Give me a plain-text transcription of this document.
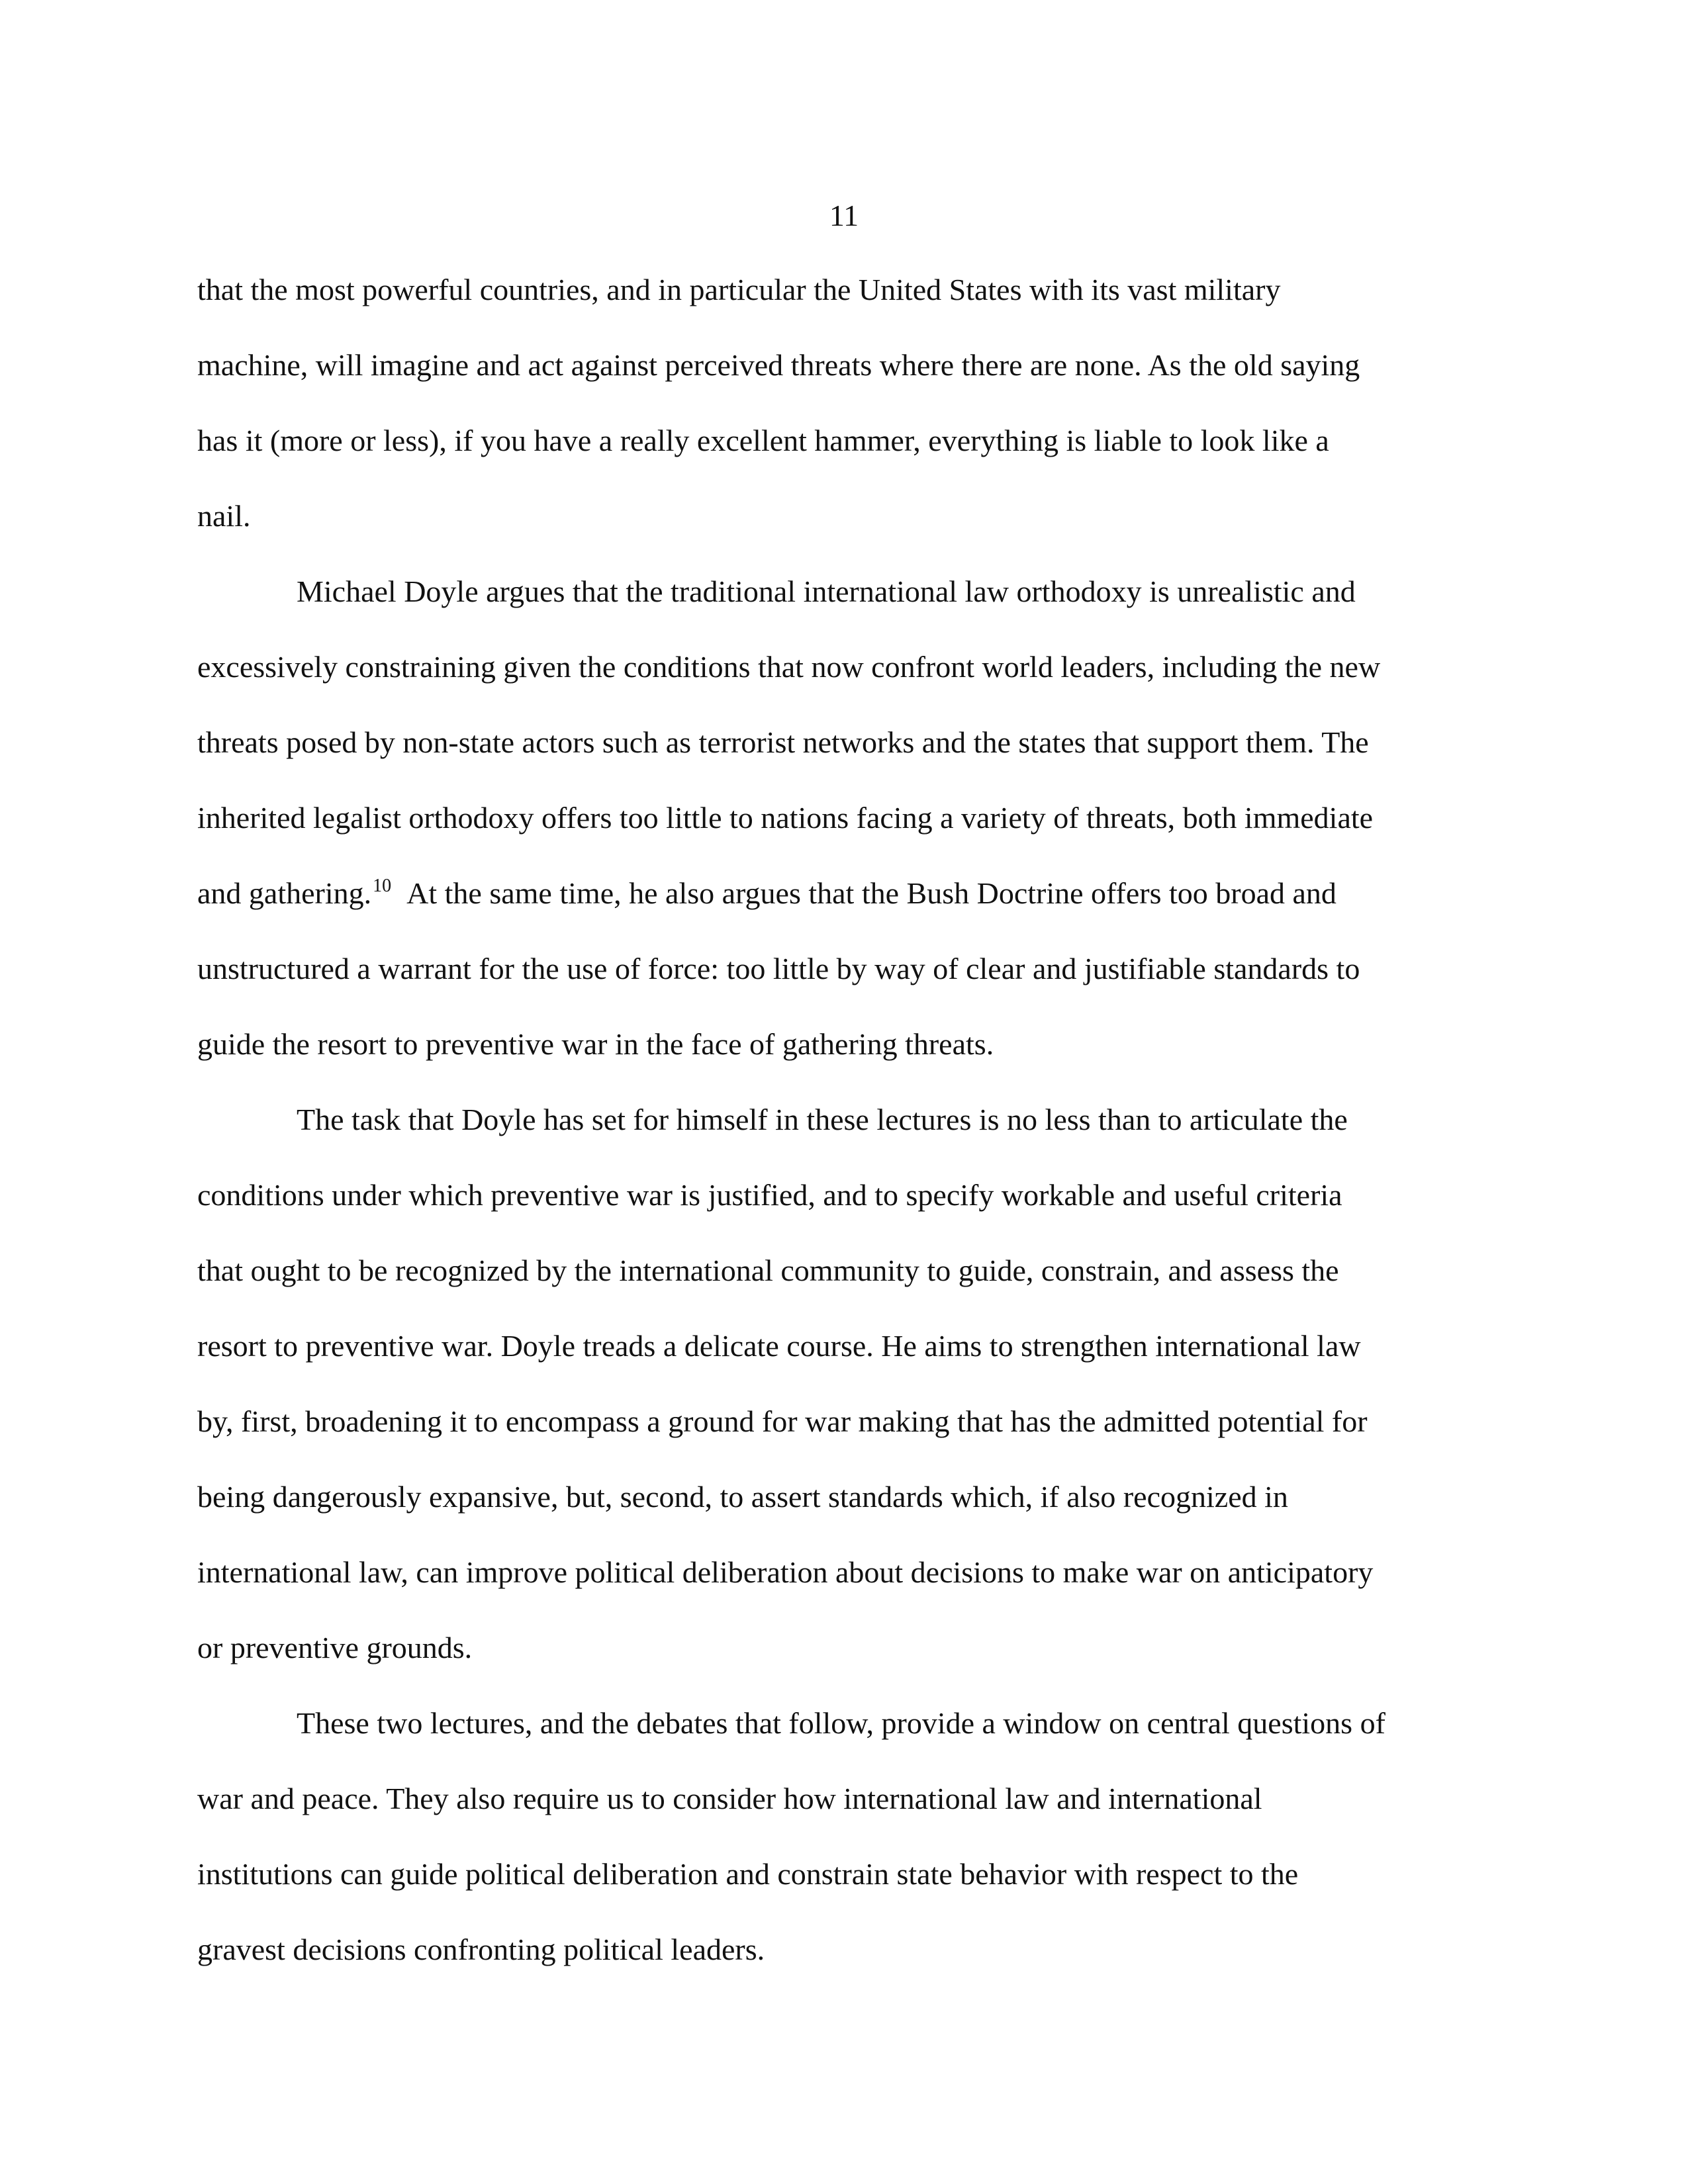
11
that the most powerful countries, and in particular the United States with its vast military
machine, will imagine and act against perceived threats where there are none. As the old saying
has it (more or less), if you have a really excellent hammer, everything is liable to look like a
nail.
Michael Doyle argues that the traditional international law orthodoxy is unrealistic and
excessively constraining given the conditions that now confront world leaders, including the new
threats posed by non-state actors such as terrorist networks and the states that support them. The
inherited legalist orthodoxy offers too little to nations facing a variety of threats, both immediate
and gathering.$^{10}$ At the same time, he also argues that the Bush Doctrine offers too broad and
unstructured a warrant for the use of force: too little by way of clear and justifiable standards to
guide the resort to preventive war in the face of gathering threats.
The task that Doyle has set for himself in these lectures is no less than to articulate the
conditions under which preventive war is justified, and to specify workable and useful criteria
that ought to be recognized by the international community to guide, constrain, and assess the
resort to preventive war. Doyle treads a delicate course. He aims to strengthen international law
by, first, broadening it to encompass a ground for war making that has the admitted potential for
being dangerously expansive, but, second, to assert standards which, if also recognized in
international law, can improve political deliberation about decisions to make war on anticipatory
or preventive grounds.
These two lectures, and the debates that follow, provide a window on central questions of
war and peace. They also require us to consider how international law and international
institutions can guide political deliberation and constrain state behavior with respect to the
gravest decisions confronting political leaders.
